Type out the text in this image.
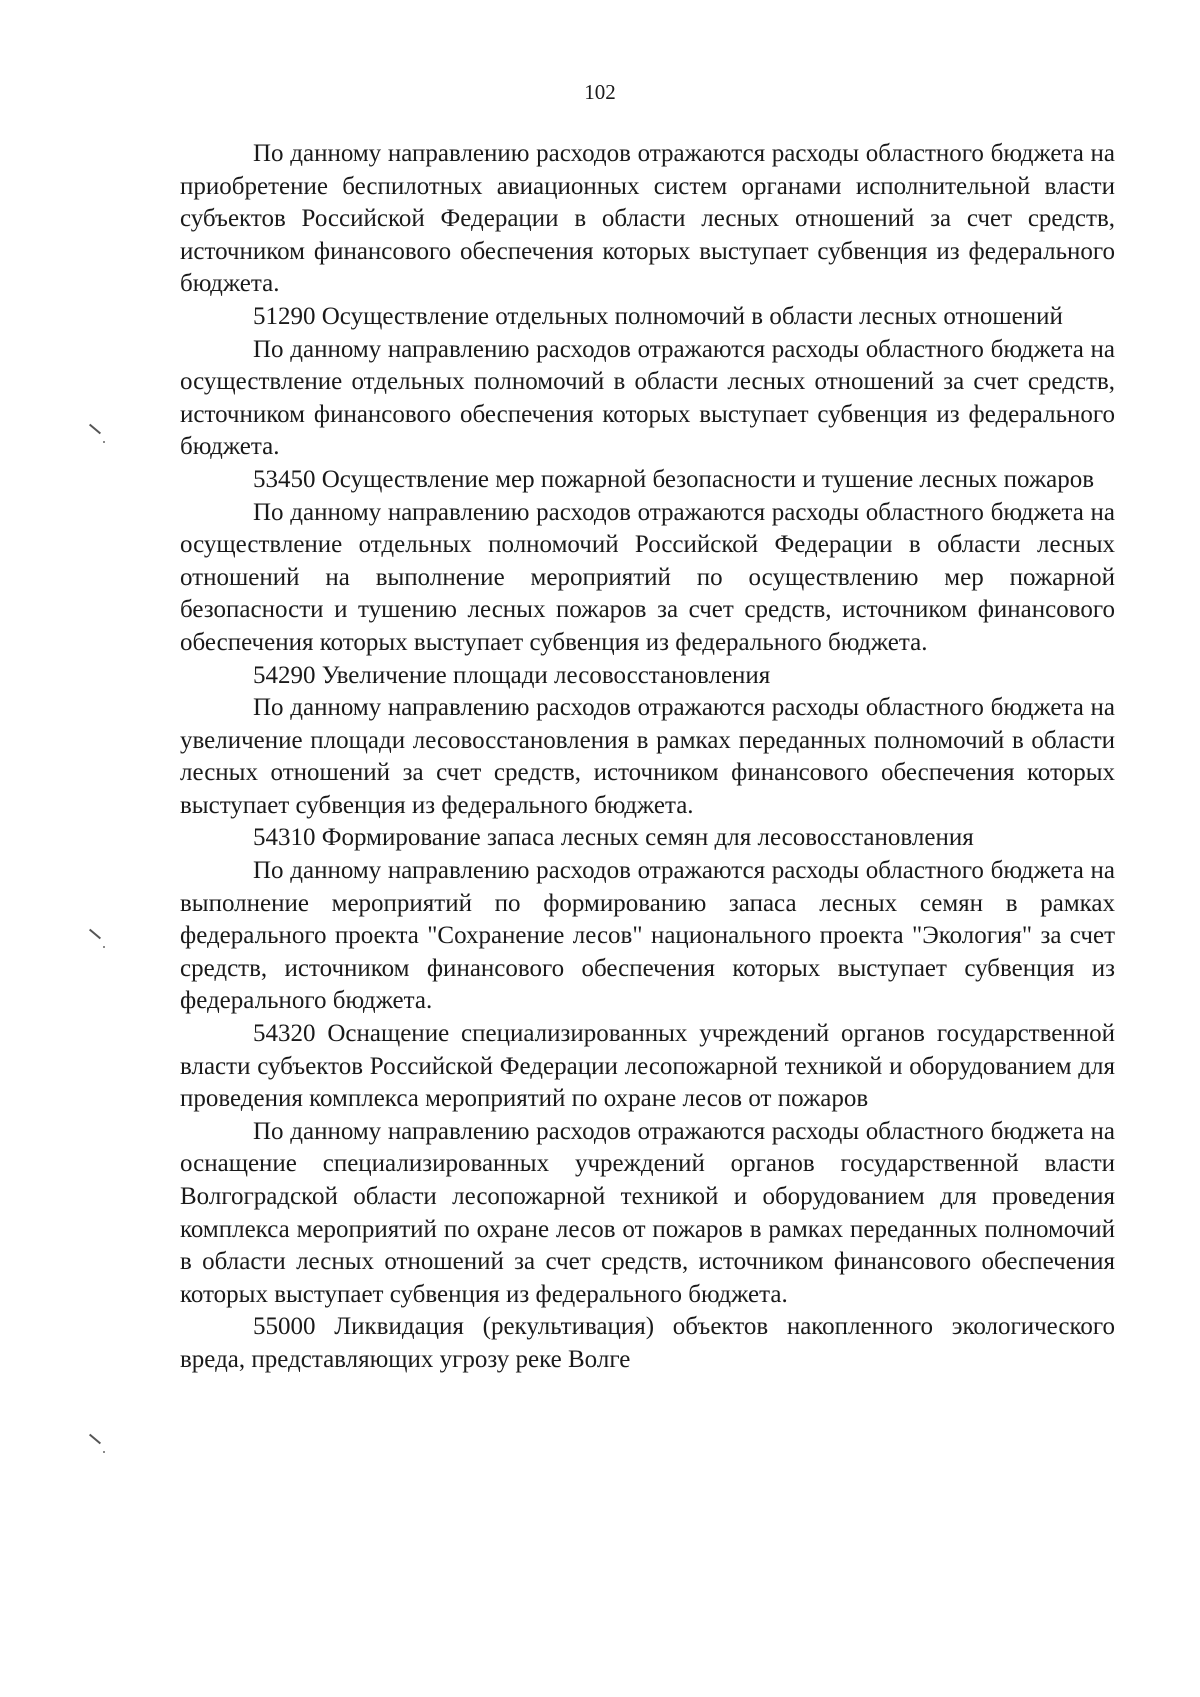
102

По данному направлению расходов отражаются расходы областного бюджета на приобретение беспилотных авиационных систем органами исполнительной власти субъектов Российской Федерации в области лесных отношений за счет средств, источником финансового обеспечения которых выступает субвенция из федерального бюджета.

51290 Осуществление отдельных полномочий в области лесных отношений

По данному направлению расходов отражаются расходы областного бюджета на осуществление отдельных полномочий в области лесных отношений за счет средств, источником финансового обеспечения которых выступает субвенция из федерального бюджета.

53450 Осуществление мер пожарной безопасности и тушение лесных пожаров

По данному направлению расходов отражаются расходы областного бюджета на осуществление отдельных полномочий Российской Федерации в области лесных отношений на выполнение мероприятий по осуществлению мер пожарной безопасности и тушению лесных пожаров за счет средств, источником финансового обеспечения которых выступает субвенция из федерального бюджета.

54290 Увеличение площади лесовосстановления

По данному направлению расходов отражаются расходы областного бюджета на увеличение площади лесовосстановления в рамках переданных полномочий в области лесных отношений за счет средств, источником финансового обеспечения которых выступает субвенция из федерального бюджета.

54310 Формирование запаса лесных семян для лесовосстановления

По данному направлению расходов отражаются расходы областного бюджета на выполнение мероприятий по формированию запаса лесных семян в рамках федерального проекта "Сохранение лесов" национального проекта "Экология" за счет средств, источником финансового обеспечения которых выступает субвенция из федерального бюджета.

54320 Оснащение специализированных учреждений органов государственной власти субъектов Российской Федерации лесопожарной техникой и оборудованием для проведения комплекса мероприятий по охране лесов от пожаров

По данному направлению расходов отражаются расходы областного бюджета на оснащение специализированных учреждений органов государственной власти Волгоградской области лесопожарной техникой и оборудованием для проведения комплекса мероприятий по охране лесов от пожаров в рамках переданных полномочий в области лесных отношений за счет средств, источником финансового обеспечения которых выступает субвенция из федерального бюджета.

55000 Ликвидация (рекультивация) объектов накопленного экологического вреда, представляющих угрозу реке Волге
